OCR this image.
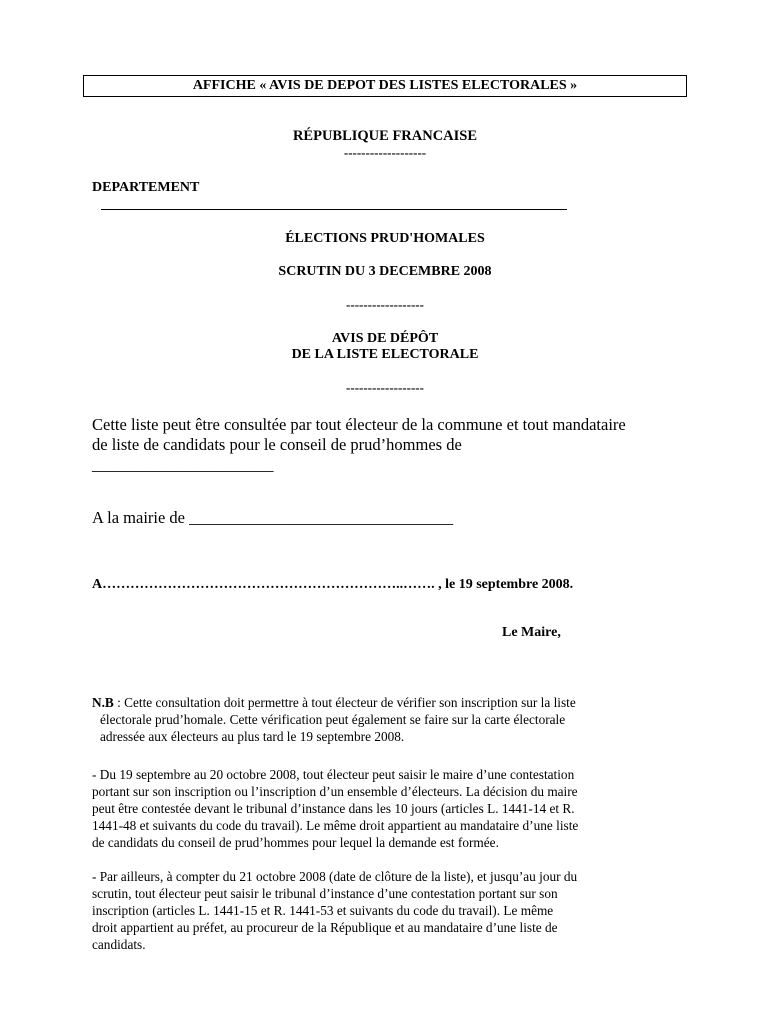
AFFICHE « AVIS DE DEPOT DES LISTES ELECTORALES »
RÉPUBLIQUE FRANCAISE
-------------------
DEPARTEMENT
ÉLECTIONS PRUD'HOMALES
SCRUTIN DU 3 DECEMBRE 2008
------------------
AVIS DE DÉPÔT
DE LA LISTE ELECTORALE
------------------
Cette liste peut être consultée par tout électeur de la commune et tout mandataire
de liste de candidats pour le conseil de prud’hommes de
______________________
A la mairie de ________________________________
A………………………………………………………..……. , le 19 septembre 2008.
Le Maire,

N.B : Cette consultation doit permettre à tout électeur de vérifier son inscription sur la liste

électorale prud’homale. Cette vérification peut également se faire sur la carte électorale

adressée aux électeurs au plus tard le 19 septembre 2008.

- Du 19 septembre au 20 octobre 2008, tout électeur peut saisir le maire d’une contestation

portant sur son inscription ou l’inscription d’un ensemble d’électeurs. La décision du maire

peut être contestée devant le tribunal d’instance dans les 10 jours (articles L. 1441-14 et R.

1441-48 et suivants du code du travail). Le même droit appartient au mandataire d’une liste

de candidats du conseil de prud’hommes pour lequel la demande est formée.

- Par ailleurs, à compter du 21 octobre 2008 (date de clôture de la liste), et jusqu’au jour du

scrutin, tout électeur peut saisir le tribunal d’instance d’une contestation portant sur son

inscription (articles L. 1441-15 et R. 1441-53 et suivants du code du travail). Le même

droit appartient au préfet, au procureur de la République et au mandataire d’une liste de

candidats.
